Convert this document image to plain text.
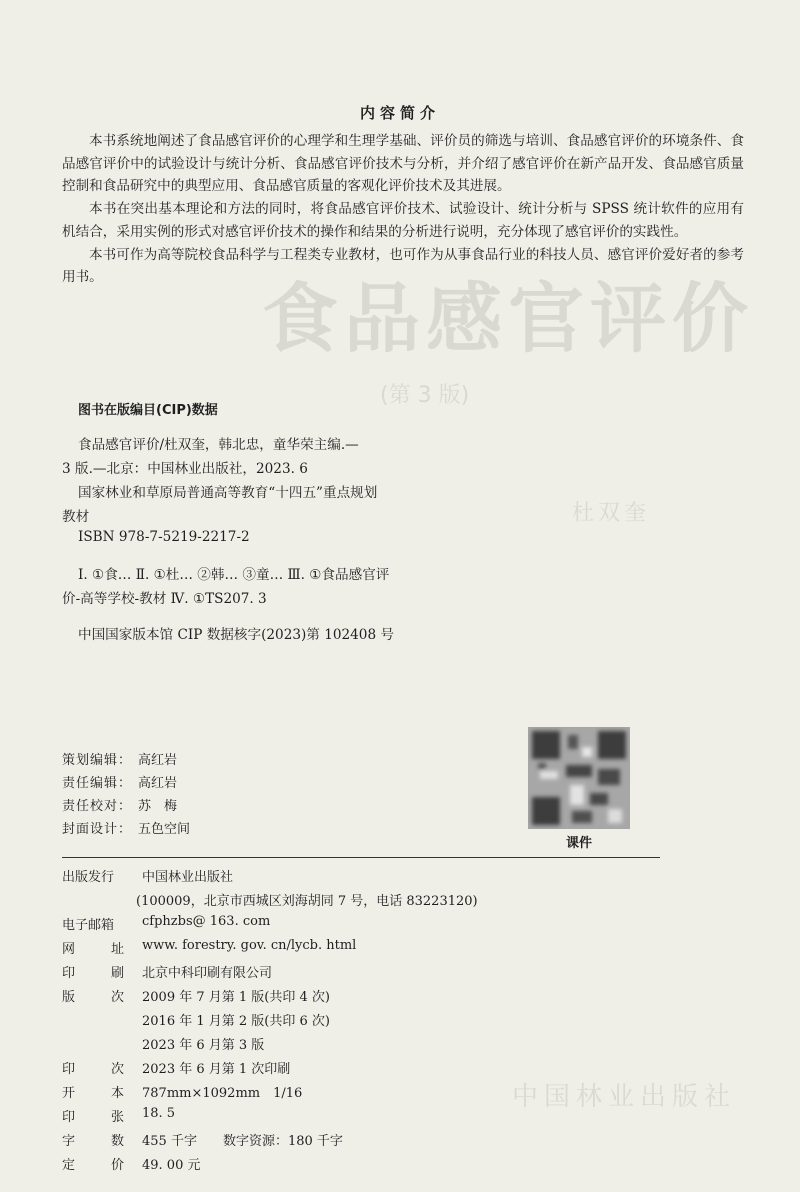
食品感官评价
(第 3 版)
杜双奎
中国林业出版社
内容简介

本书系统地阐述了食品感官评价的心理学和生理学基础、评价员的筛选与培训、食品感官评价的环境条件、食品感官评价中的试验设计与统计分析、食品感官评价技术与分析，并介绍了感官评价在新产品开发、食品感官质量控制和食品研究中的典型应用、食品感官质量的客观化评价技术及其进展。

本书在突出基本理论和方法的同时，将食品感官评价技术、试验设计、统计分析与 SPSS 统计软件的应用有机结合，采用实例的形式对感官评价技术的操作和结果的分析进行说明，充分体现了感官评价的实践性。

本书可作为高等院校食品科学与工程类专业教材，也可作为从事食品行业的科技人员、感官评价爱好者的参考用书。

图书在版编目(CIP)数据
食品感官评价/杜双奎，韩北忠，童华荣主编.—
3 版.—北京：中国林业出版社，2023. 6
国家林业和草原局普通高等教育“十四五”重点规划
教材
ISBN 978-7-5219-2217-2
Ⅰ. ①食… Ⅱ. ①杜… ②韩… ③童… Ⅲ. ①食品感官评
价-高等学校-教材 Ⅳ. ①TS207. 3
中国国家版本馆 CIP 数据核字(2023)第 102408 号
策划编辑： 高红岩
责任编辑： 高红岩
责任校对： 苏　梅
封面设计： 五色空间
课件
出版发行	中国林业出版社
(100009，北京市西城区刘海胡同 7 号，电话 83223120)
电子邮箱	cfphzbs@ 163. com
网	址 www. forestry. gov. cn/lycb. html
印	刷 北京中科印刷有限公司
版	次 2009 年 7 月第 1 版(共印 4 次)
2016 年 1 月第 2 版(共印 6 次)
2023 年 6 月第 3 版
印	次 2023 年 6 月第 1 次印刷
开	本 787mm×1092mm　1/16
印	张 18. 5
字	数 455 千字　　数字资源：180 千字
定	价 49. 00 元
